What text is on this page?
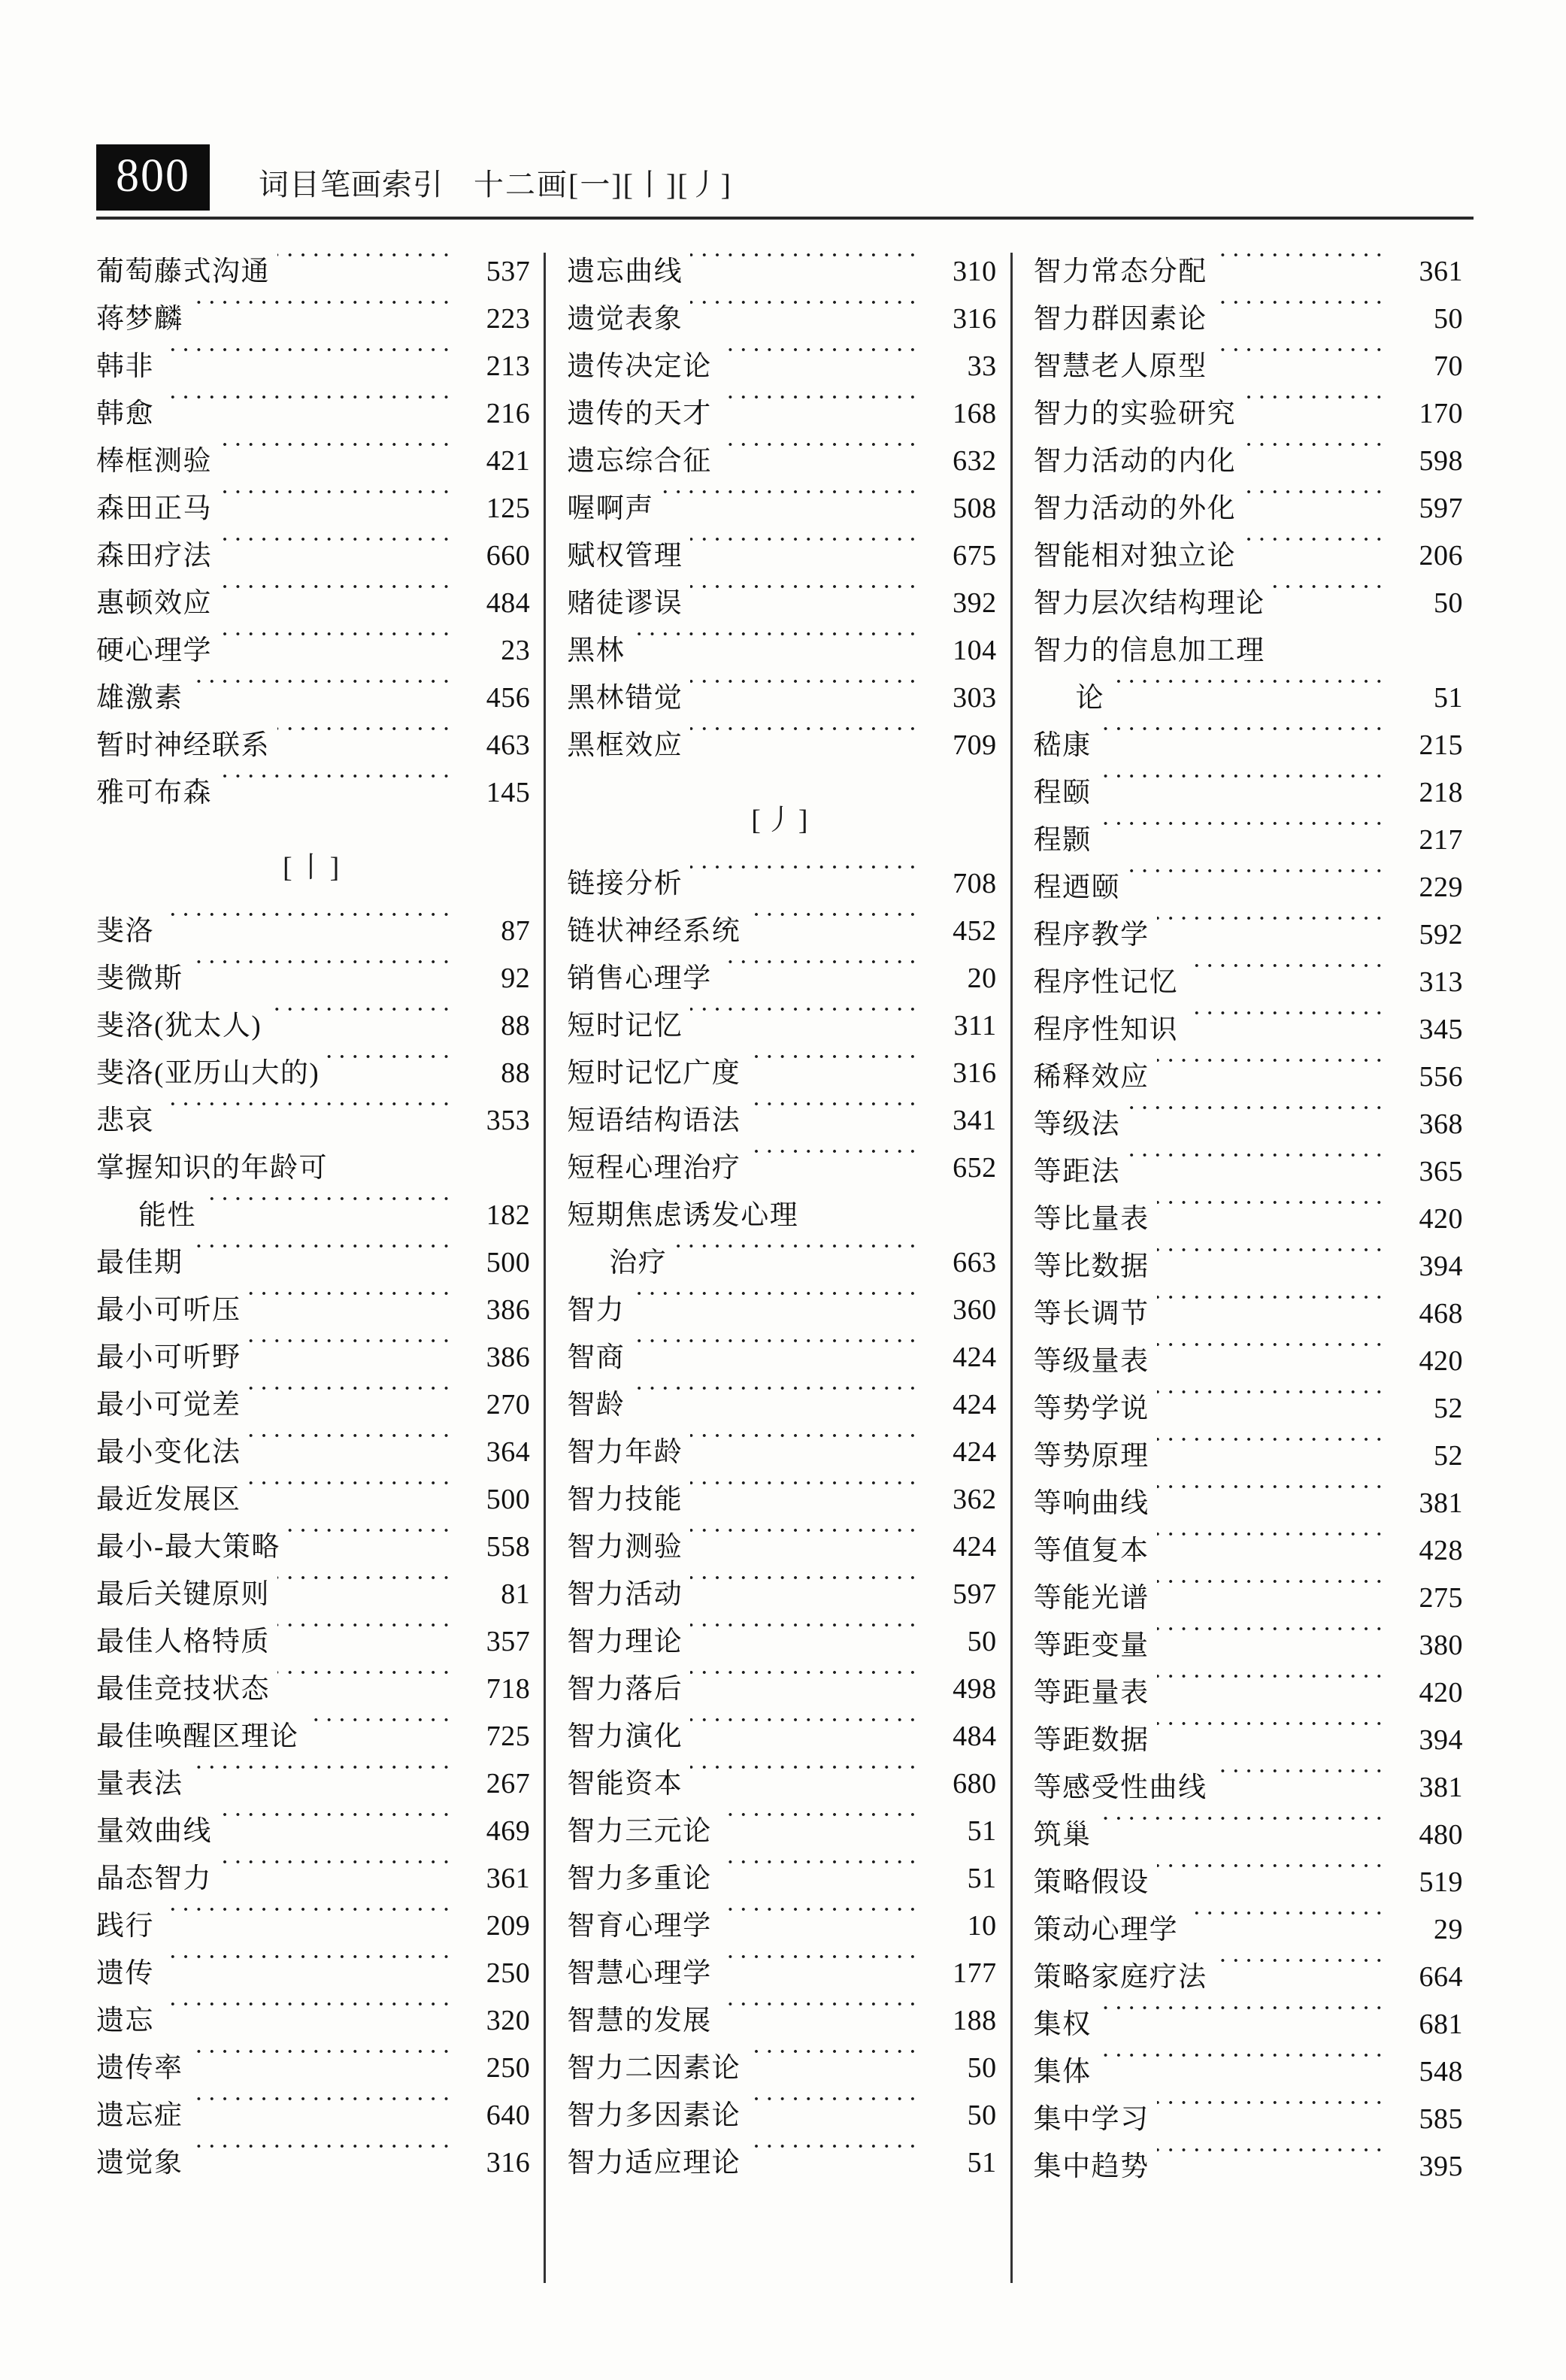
800	词目笔画索引 十二画[一][丨][丿]
葡萄藤式沟通 ·····	537
蒋梦麟 ·····	223
韩非 ·····	213
韩愈 ·····	216
棒框测验 ·····	421
森田正马 ·····	125
森田疗法 ·····	660
惠顿效应 ·····	484
硬心理学 ·····	23
雄激素 ·····	456
暂时神经联系 ·····	463
雅可布森 ·····	145
[丨]
斐洛 ·····	87
斐微斯 ·····	92
斐洛(犹太人) ·····	88
斐洛(亚历山大的) ·····	88
悲哀 ·····	353
掌握知识的年龄可
能性 ·····	182
最佳期 ·····	500
最小可听压 ·····	386
最小可听野 ·····	386
最小可觉差 ·····	270
最小变化法 ·····	364
最近发展区 ·····	500
最小-最大策略 ·····	558
最后关键原则 ·····	81
最佳人格特质 ·····	357
最佳竞技状态 ·····	718
最佳唤醒区理论 ·····	725
量表法 ·····	267
量效曲线 ·····	469
晶态智力 ·····	361
践行 ·····	209
遗传 ·····	250
遗忘 ·····	320
遗传率 ·····	250
遗忘症 ·····	640
遗觉象 ·····	316
遗忘曲线 ·····	310
遗觉表象 ·····	316
遗传决定论 ·····	33
遗传的天才 ·····	168
遗忘综合征 ·····	632
喔啊声 ·····	508
赋权管理 ·····	675
赌徒谬误 ·····	392
黑林 ·····	104
黑林错觉 ·····	303
黑框效应 ·····	709
[丿]
链接分析 ·····	708
链状神经系统 ·····	452
销售心理学 ·····	20
短时记忆 ·····	311
短时记忆广度 ·····	316
短语结构语法 ·····	341
短程心理治疗 ·····	652
短期焦虑诱发心理
治疗 ·····	663
智力 ·····	360
智商 ·····	424
智龄 ·····	424
智力年龄 ·····	424
智力技能 ·····	362
智力测验 ·····	424
智力活动 ·····	597
智力理论 ·····	50
智力落后 ·····	498
智力演化 ·····	484
智能资本 ·····	680
智力三元论 ·····	51
智力多重论 ·····	51
智育心理学 ·····	10
智慧心理学 ·····	177
智慧的发展 ·····	188
智力二因素论 ·····	50
智力多因素论 ·····	50
智力适应理论 ·····	51
智力常态分配 ·····	361
智力群因素论 ·····	50
智慧老人原型 ·····	70
智力的实验研究 ·····	170
智力活动的内化 ·····	598
智力活动的外化 ·····	597
智能相对独立论 ·····	206
智力层次结构理论 ·····	50
智力的信息加工理
论 ·····	51
嵇康 ·····	215
程颐 ·····	218
程颢 ·····	217
程迺颐 ·····	229
程序教学 ·····	592
程序性记忆 ·····	313
程序性知识 ·····	345
稀释效应 ·····	556
等级法 ·····	368
等距法 ·····	365
等比量表 ·····	420
等比数据 ·····	394
等长调节 ·····	468
等级量表 ·····	420
等势学说 ·····	52
等势原理 ·····	52
等响曲线 ·····	381
等值复本 ·····	428
等能光谱 ·····	275
等距变量 ·····	380
等距量表 ·····	420
等距数据 ·····	394
等感受性曲线 ·····	381
筑巢 ·····	480
策略假设 ·····	519
策动心理学 ·····	29
策略家庭疗法 ·····	664
集权 ·····	681
集体 ·····	548
集中学习 ·····	585
集中趋势 ·····	395
